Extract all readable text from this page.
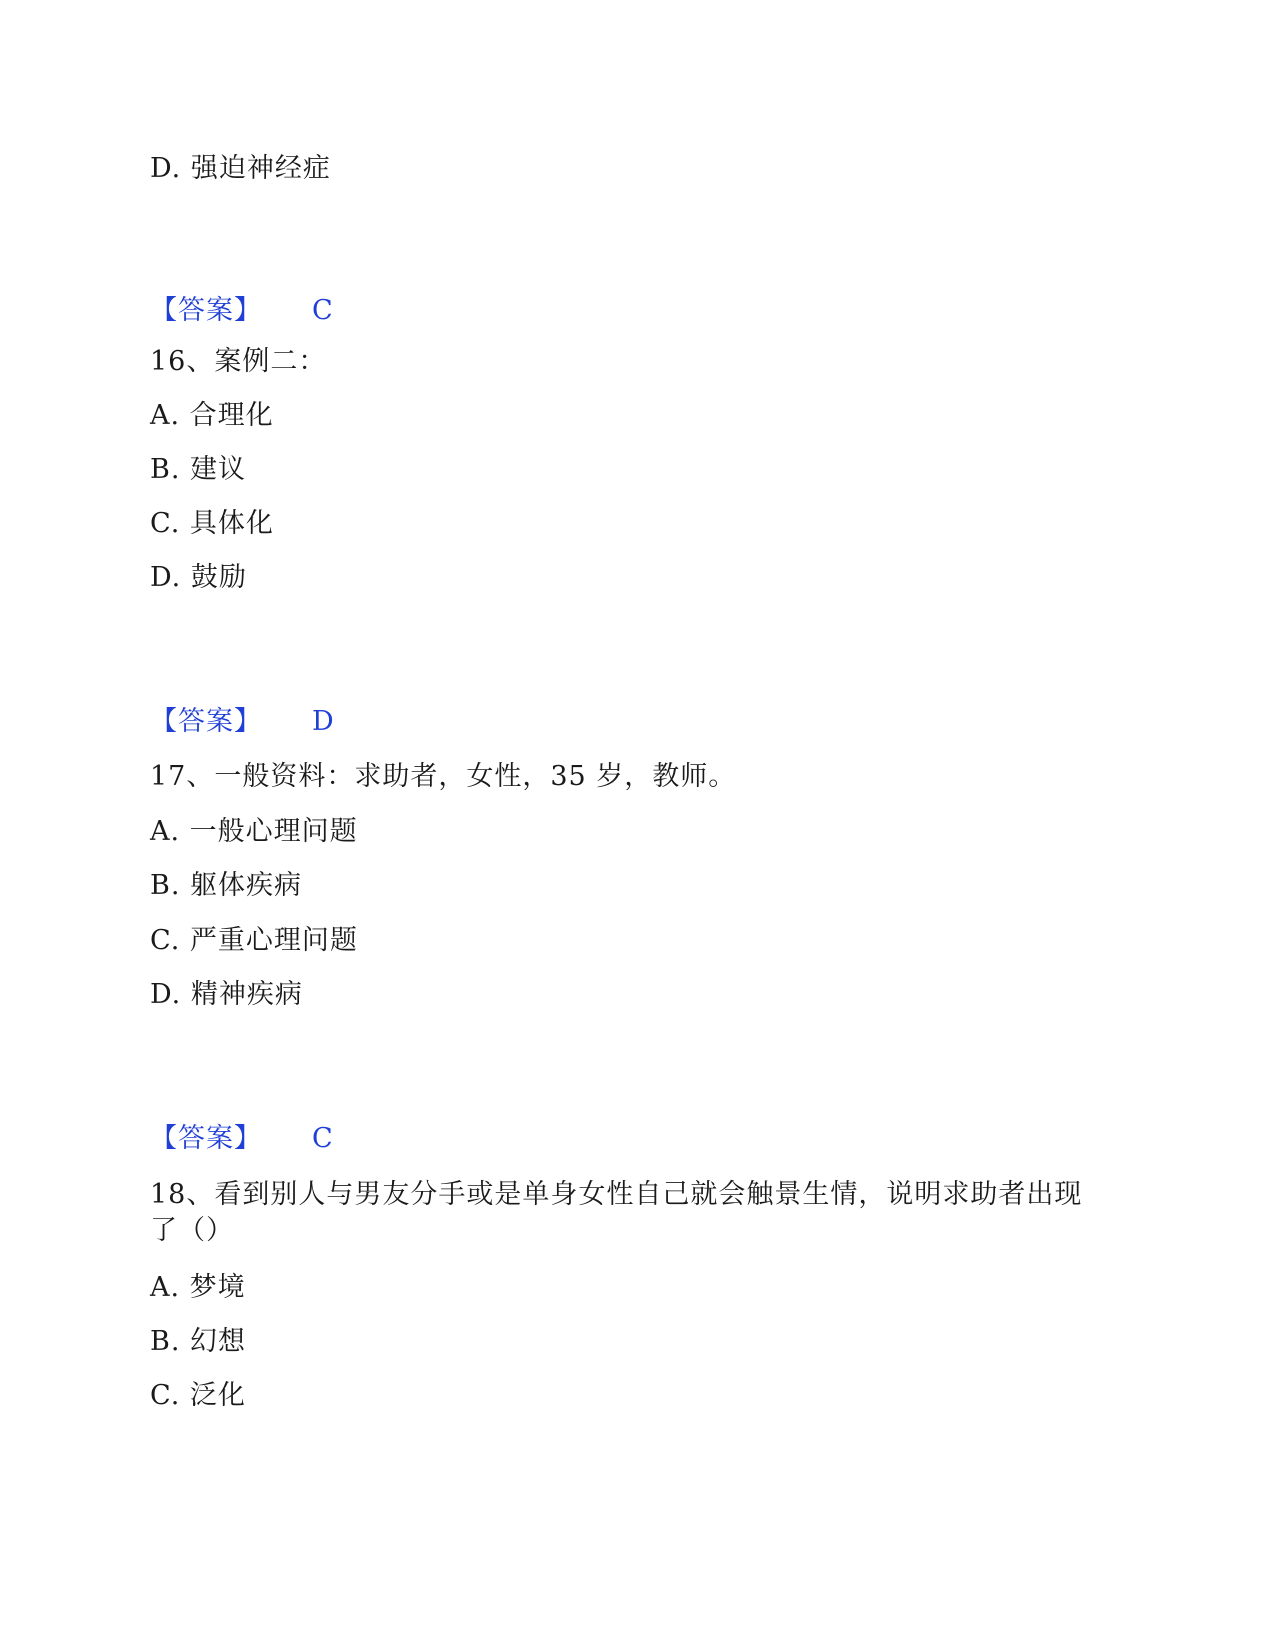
D. 强迫神经症
【答案】 C
16、案例二：
A. 合理化
B. 建议
C. 具体化
D. 鼓励
【答案】 D
17、一般资料：求助者，女性，35 岁，教师。
A. 一般心理问题
B. 躯体疾病
C. 严重心理问题
D. 精神疾病
【答案】 C
18、看到别人与男友分手或是单身女性自己就会触景生情，说明求助者出现
了（）
A. 梦境
B. 幻想
C. 泛化
